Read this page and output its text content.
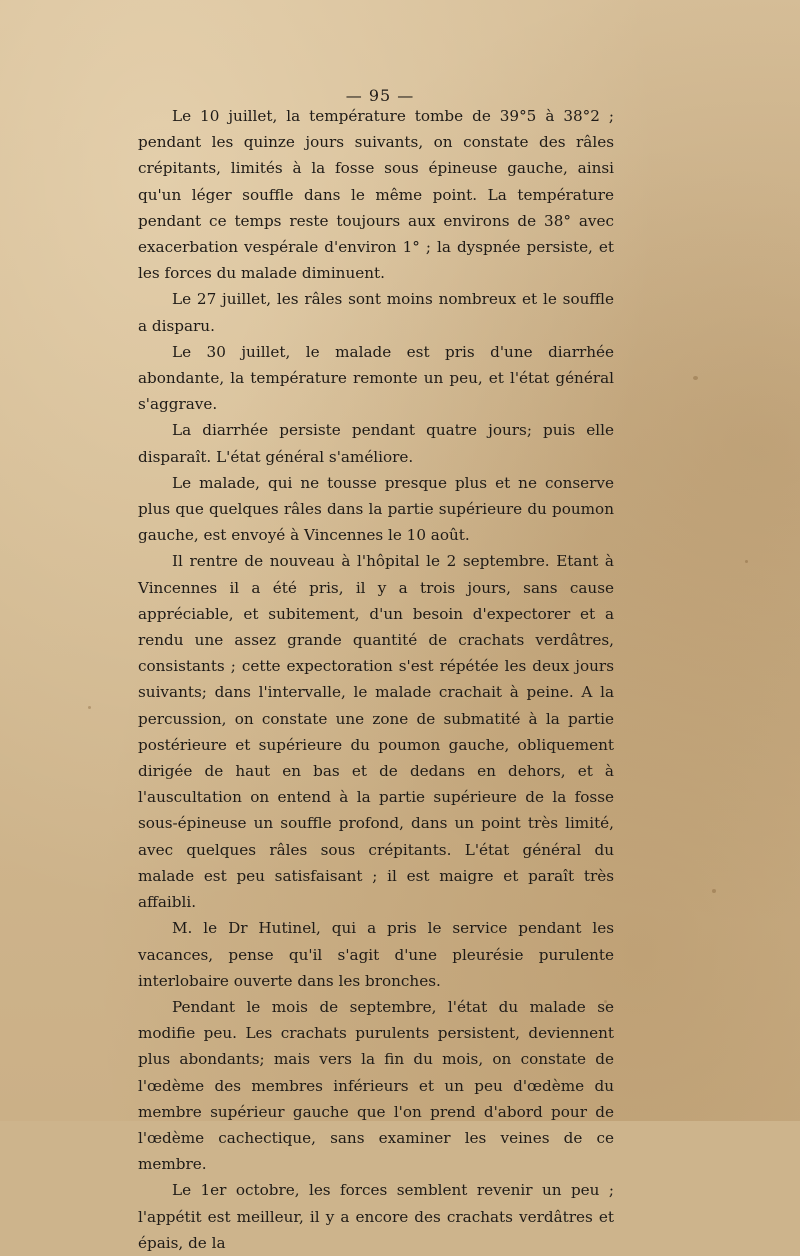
— 95 —

Le 10 juillet, la température tombe de 39°5 à 38°2 ; pendant les quinze jours suivants, on constate des râles crépitants, limités à la fosse sous épineuse gauche, ainsi qu'un léger souffle dans le même point. La température pendant ce temps reste toujours aux environs de 38° avec exacerbation vespérale d'environ 1° ; la dyspnée persiste, et les forces du malade diminuent.

Le 27 juillet, les râles sont moins nombreux et le souffle a disparu.

Le 30 juillet, le malade est pris d'une diarrhée abondante, la température remonte un peu, et l'état général s'aggrave.

La diarrhée persiste pendant quatre jours; puis elle disparaît. L'état général s'améliore.

Le malade, qui ne tousse presque plus et ne conserve plus que quelques râles dans la partie supérieure du poumon gauche, est envoyé à Vincennes le 10 août.

Il rentre de nouveau à l'hôpital le 2 septembre. Etant à Vincennes il a été pris, il y a trois jours, sans cause appréciable, et subitement, d'un besoin d'expectorer et a rendu une assez grande quantité de crachats verdâtres, consistants ; cette expectoration s'est répétée les deux jours suivants; dans l'intervalle, le malade crachait à peine. A la percussion, on constate une zone de submatité à la partie postérieure et supérieure du poumon gauche, obliquement dirigée de haut en bas et de dedans en dehors, et à l'auscultation on entend à la partie supérieure de la fosse sous-épineuse un souffle profond, dans un point très limité, avec quelques râles sous crépitants. L'état général du malade est peu satisfaisant ; il est maigre et paraît très affaibli.

M. le Dr Hutinel, qui a pris le service pendant les vacances, pense qu'il s'agit d'une pleurésie purulente interlobaire ouverte dans les bronches.

Pendant le mois de septembre, l'état du malade se modifie peu. Les crachats purulents persistent, deviennent plus abondants; mais vers la fin du mois, on constate de l'œdème des membres inférieurs et un peu d'œdème du membre supérieur gauche que l'on prend d'abord pour de l'œdème cachectique, sans examiner les veines de ce membre.

Le 1er octobre, les forces semblent revenir un peu ; l'appétit est meilleur, il y a encore des crachats verdâtres et épais, de la
